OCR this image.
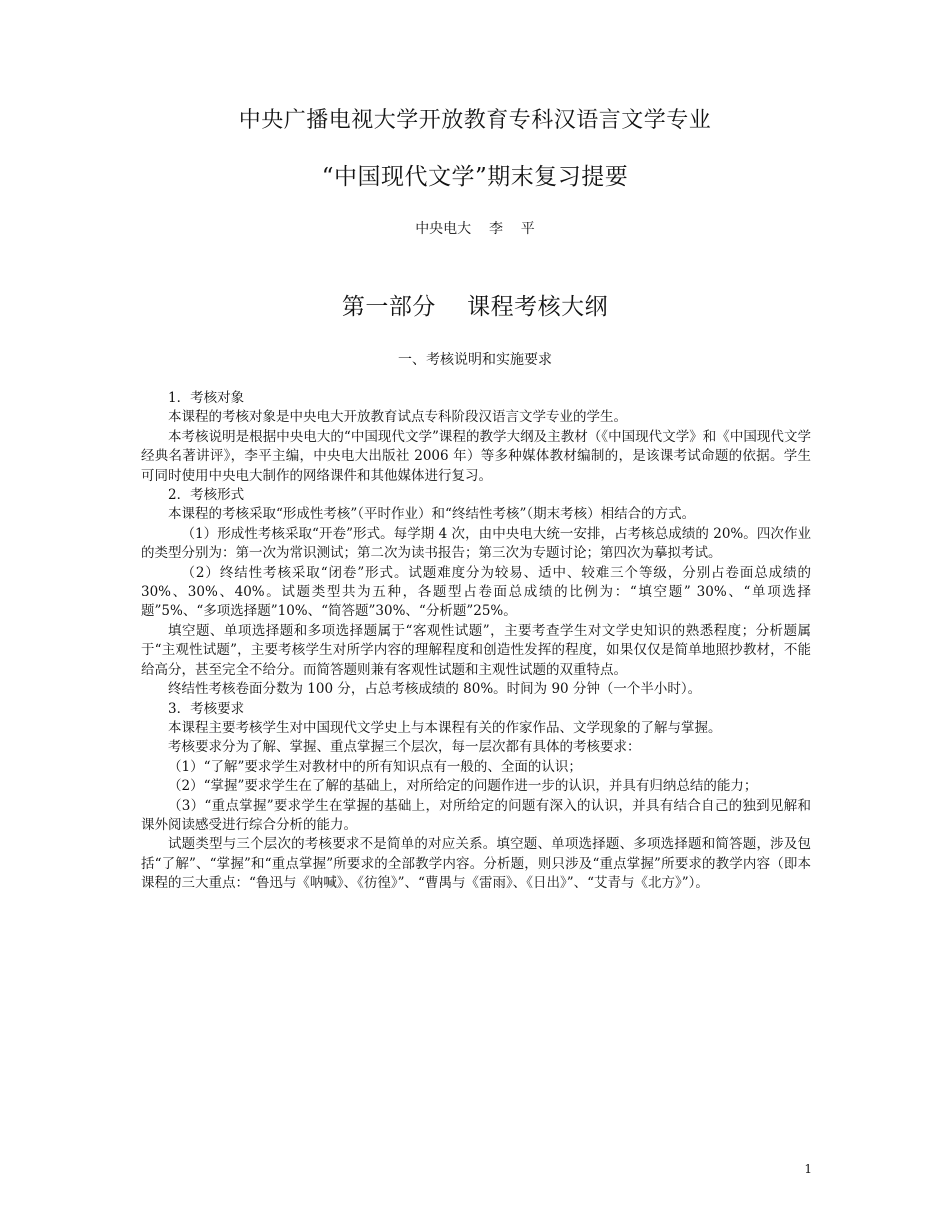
中央广播电视大学开放教育专科汉语言文学专业
“中国现代文学”期末复习提要
中央电大    李    平
第一部分    课程考核大纲
一、考核说明和实施要求

1．考核对象

本课程的考核对象是中央电大开放教育试点专科阶段汉语言文学专业的学生。

本考核说明是根据中央电大的“中国现代文学”课程的教学大纲及主教材（《中国现代文学》和《中国现代文学经典名著讲评》，李平主编，中央电大出版社 2006 年）等多种媒体教材编制的，是该课考试命题的依据。学生可同时使用中央电大制作的网络课件和其他媒体进行复习。

2．考核形式

本课程的考核采取“形成性考核”（平时作业）和“终结性考核”（期末考核）相结合的方式。

（1）形成性考核采取“开卷”形式。每学期 4 次，由中央电大统一安排，占考核总成绩的 20%。四次作业的类型分别为：第一次为常识测试；第二次为读书报告；第三次为专题讨论；第四次为摹拟考试。

（2）终结性考核采取“闭卷”形式。试题难度分为较易、适中、较难三个等级，分别占卷面总成绩的 30%、30%、40%。试题类型共为五种，各题型占卷面总成绩的比例为：“填空题” 30%、“单项选择题”5%、“多项选择题”10%、“简答题”30%、“分析题”25%。

填空题、单项选择题和多项选择题属于“客观性试题”，主要考查学生对文学史知识的熟悉程度；分析题属于“主观性试题”，主要考核学生对所学内容的理解程度和创造性发挥的程度，如果仅仅是简单地照抄教材，不能给高分，甚至完全不给分。而简答题则兼有客观性试题和主观性试题的双重特点。

终结性考核卷面分数为 100 分，占总考核成绩的 80%。时间为 90 分钟（一个半小时）。

3．考核要求

本课程主要考核学生对中国现代文学史上与本课程有关的作家作品、文学现象的了解与掌握。

考核要求分为了解、掌握、重点掌握三个层次，每一层次都有具体的考核要求：

（1）“了解”要求学生对教材中的所有知识点有一般的、全面的认识；

（2）“掌握”要求学生在了解的基础上，对所给定的问题作进一步的认识，并具有归纳总结的能力；

（3）“重点掌握”要求学生在掌握的基础上，对所给定的问题有深入的认识，并具有结合自己的独到见解和课外阅读感受进行综合分析的能力。

试题类型与三个层次的考核要求不是简单的对应关系。填空题、单项选择题、多项选择题和简答题，涉及包括“了解”、“掌握”和“重点掌握”所要求的全部教学内容。分析题，则只涉及“重点掌握”所要求的教学内容（即本课程的三大重点：“鲁迅与《呐喊》、《彷徨》”、“曹禺与《雷雨》、《日出》”、“艾青与《北方》”）。

1
